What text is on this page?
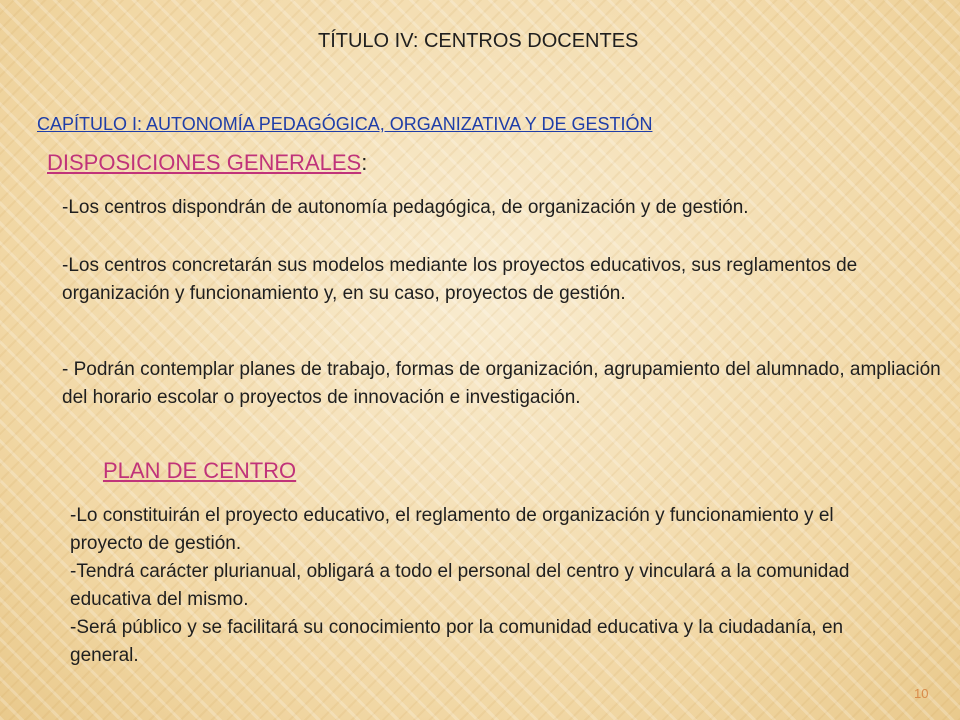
TÍTULO IV: CENTROS DOCENTES
CAPÍTULO I: AUTONOMÍA PEDAGÓGICA, ORGANIZATIVA Y DE GESTIÓN
DISPOSICIONES GENERALES:

-Los centros dispondrán de autonomía pedagógica, de organización y de gestión.

-Los centros concretarán sus modelos mediante los proyectos educativos, sus reglamentos de organización y funcionamiento y, en su caso, proyectos de gestión.

- Podrán contemplar planes de trabajo, formas de organización, agrupamiento del alumnado, ampliación del horario escolar o proyectos de innovación e investigación.

PLAN DE CENTRO
-Lo constituirán el proyecto educativo, el reglamento de organización y funcionamiento y el proyecto de gestión.
-Tendrá carácter plurianual, obligará a todo el personal del centro y vinculará a la comunidad educativa del mismo.
-Será público y se facilitará su conocimiento por la comunidad educativa y la ciudadanía, en general.
10
